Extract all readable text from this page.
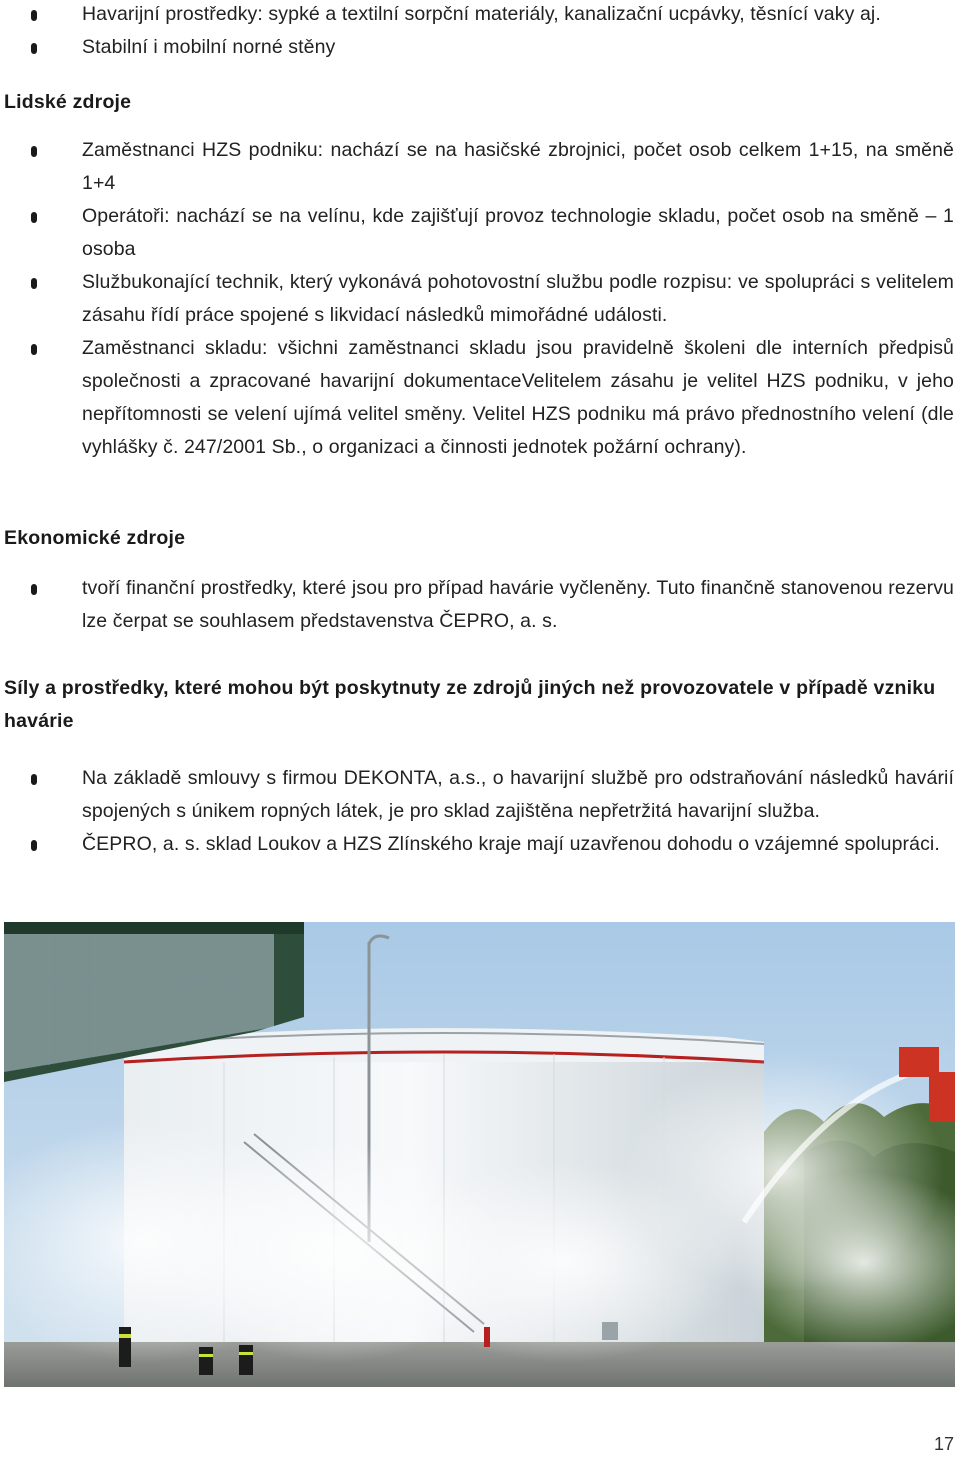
Havarijní prostředky: sypké a textilní sorpční materiály, kanalizační ucpávky, těsnící vaky aj.
Stabilní i mobilní norné stěny
Lidské zdroje
Zaměstnanci HZS podniku: nachází se na hasičské zbrojnici, počet osob celkem 1+15, na směně 1+4
Operátoři: nachází se na velínu, kde zajišťují provoz technologie skladu, počet osob na směně – 1 osoba
Službukonající technik, který vykonává pohotovostní službu podle rozpisu: ve spolupráci s velitelem zásahu řídí práce spojené s likvidací následků mimořádné události.
Zaměstnanci skladu: všichni zaměstnanci skladu jsou pravidelně školeni dle interních předpisů společnosti a zpracované havarijní dokumentaceVelitelem zásahu je velitel HZS podniku, v jeho nepřítomnosti se velení ujímá velitel směny. Velitel HZS podniku má právo přednostního velení (dle vyhlášky č. 247/2001 Sb., o organizaci a činnosti jednotek požární ochrany).
Ekonomické zdroje
tvoří finanční prostředky, které jsou pro případ havárie vyčleněny. Tuto finančně stanovenou rezervu lze čerpat se souhlasem představenstva ČEPRO, a. s.
Síly a prostředky, které mohou být poskytnuty ze zdrojů jiných než provozovatele v případě vzniku havárie
Na základě smlouvy s firmou DEKONTA, a.s., o havarijní službě pro odstraňování následků havárií spojených s únikem ropných látek, je pro sklad zajištěna nepřetržitá havarijní služba.
ČEPRO, a. s. sklad Loukov a HZS Zlínského kraje mají uzavřenou dohodu o vzájemné spolupráci.
17
